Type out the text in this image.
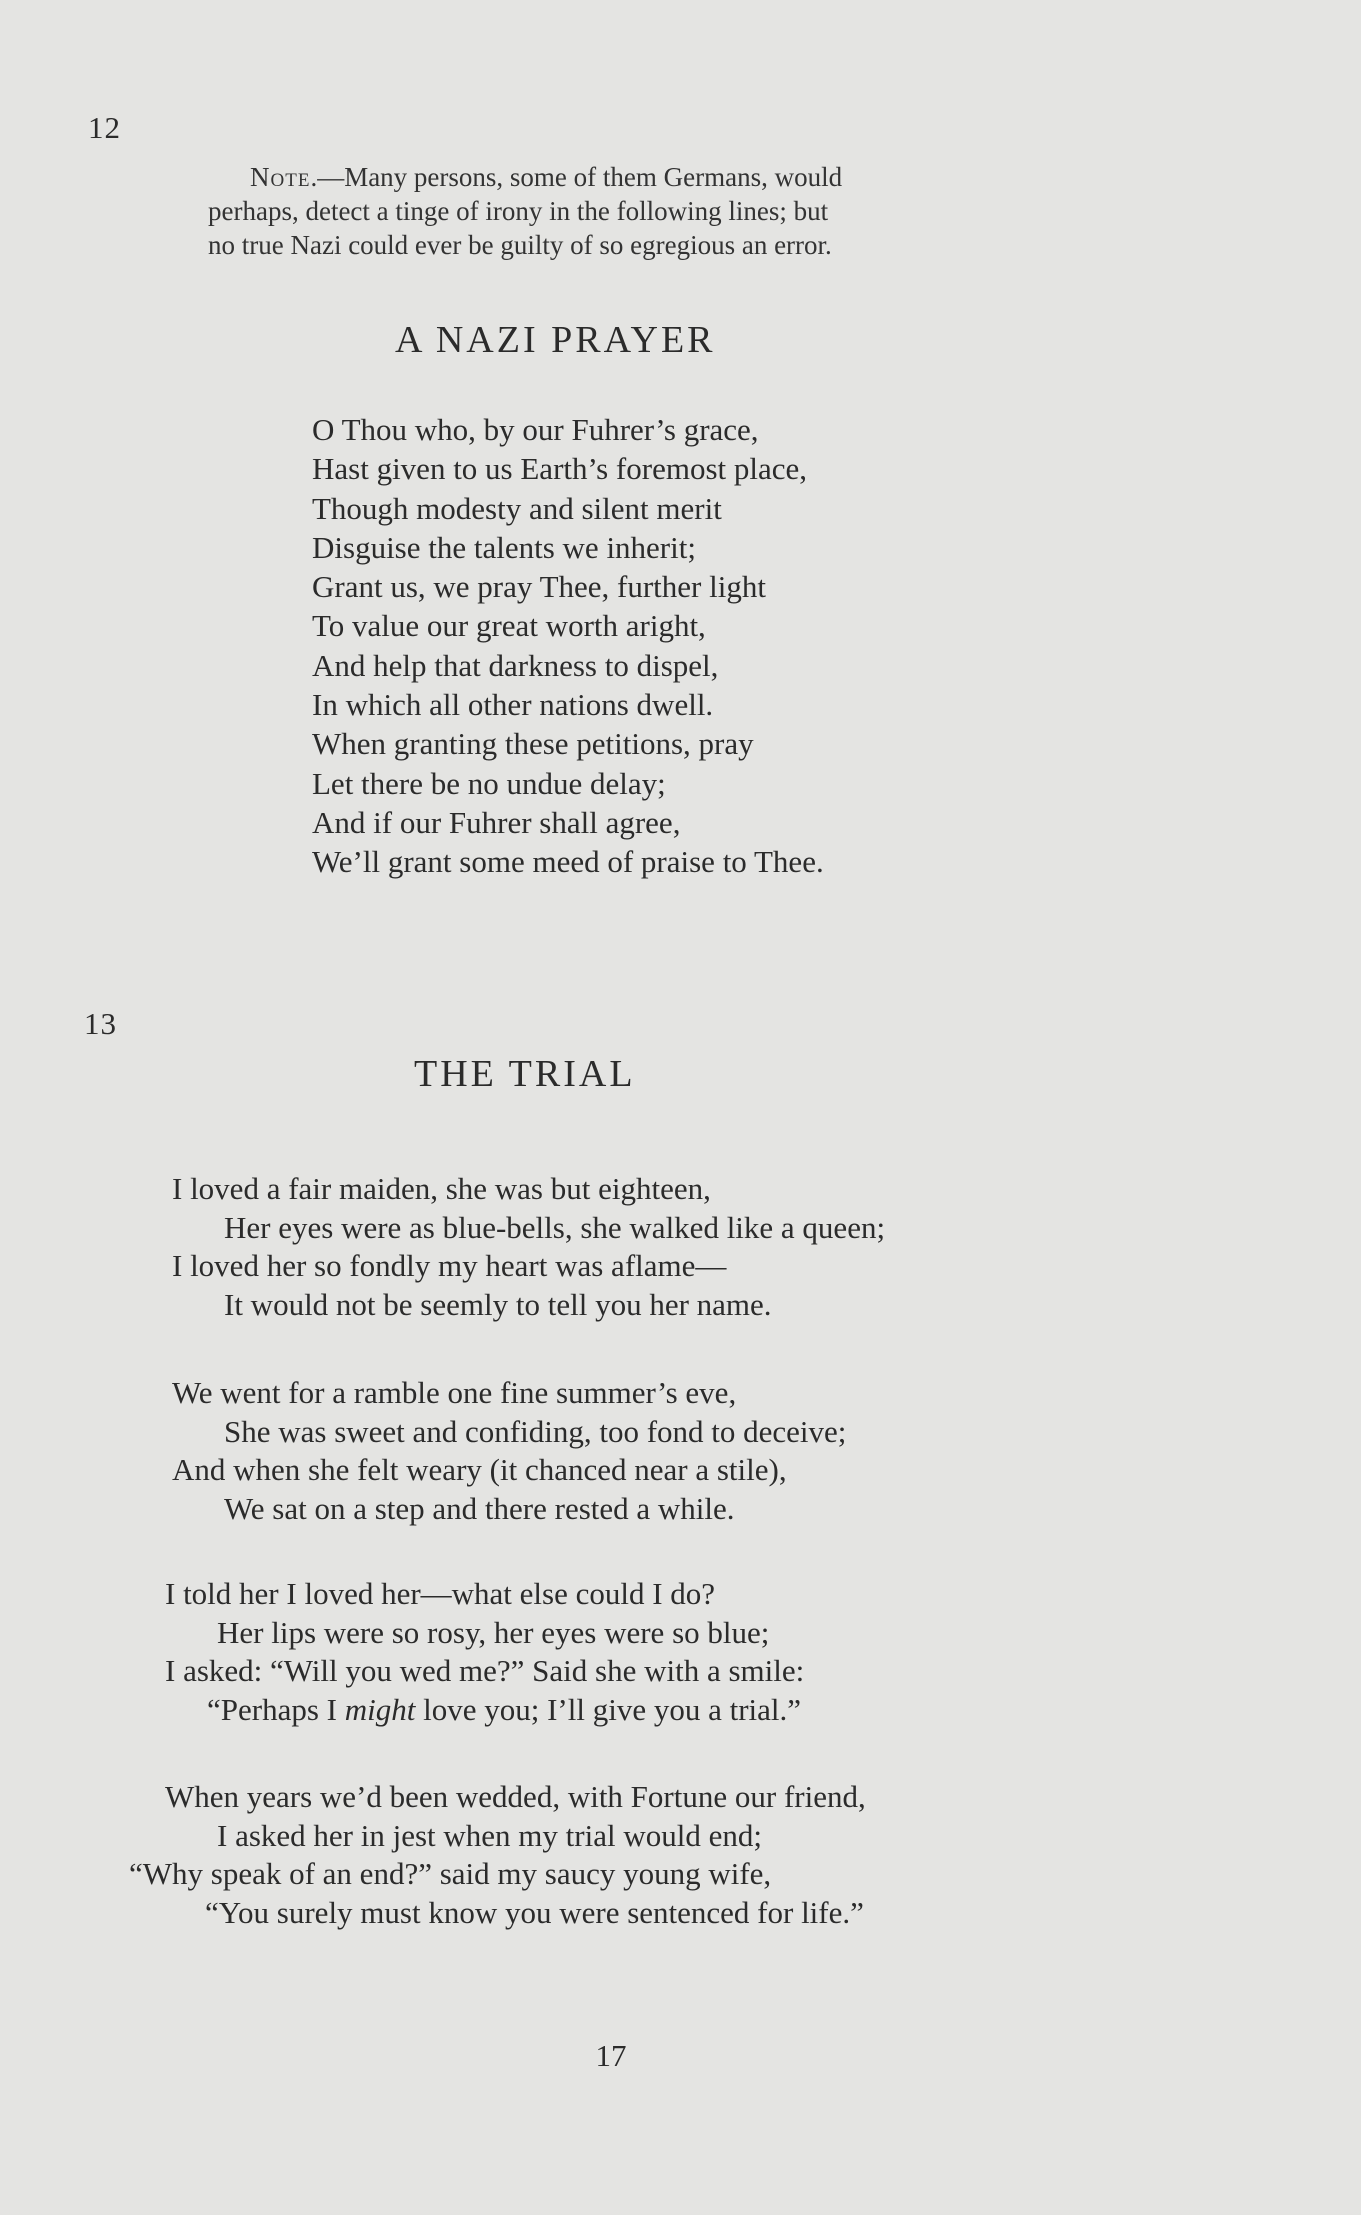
12
Note.—Many persons, some of them Germans, would
perhaps, detect a tinge of irony in the following lines; but
no true Nazi could ever be guilty of so egregious an error.
A NAZI PRAYER
O Thou who, by our Fuhrer’s grace,
Hast given to us Earth’s foremost place,
Though modesty and silent merit
Disguise the talents we inherit;
Grant us, we pray Thee, further light
To value our great worth aright,
And help that darkness to dispel,
In which all other nations dwell.
When granting these petitions, pray
Let there be no undue delay;
And if our Fuhrer shall agree,
We’ll grant some meed of praise to Thee.
13
THE TRIAL
I loved a fair maiden, she was but eighteen,
Her eyes were as blue-bells, she walked like a queen;
I loved her so fondly my heart was aflame—
It would not be seemly to tell you her name.
We went for a ramble one fine summer’s eve,
She was sweet and confiding, too fond to deceive;
And when she felt weary (it chanced near a stile),
We sat on a step and there rested a while.
I told her I loved her—what else could I do?
Her lips were so rosy, her eyes were so blue;
I asked: “Will you wed me?” Said she with a smile:
“Perhaps I might love you; I’ll give you a trial.”
When years we’d been wedded, with Fortune our friend,
I asked her in jest when my trial would end;
“Why speak of an end?” said my saucy young wife,
“You surely must know you were sentenced for life.”
17
